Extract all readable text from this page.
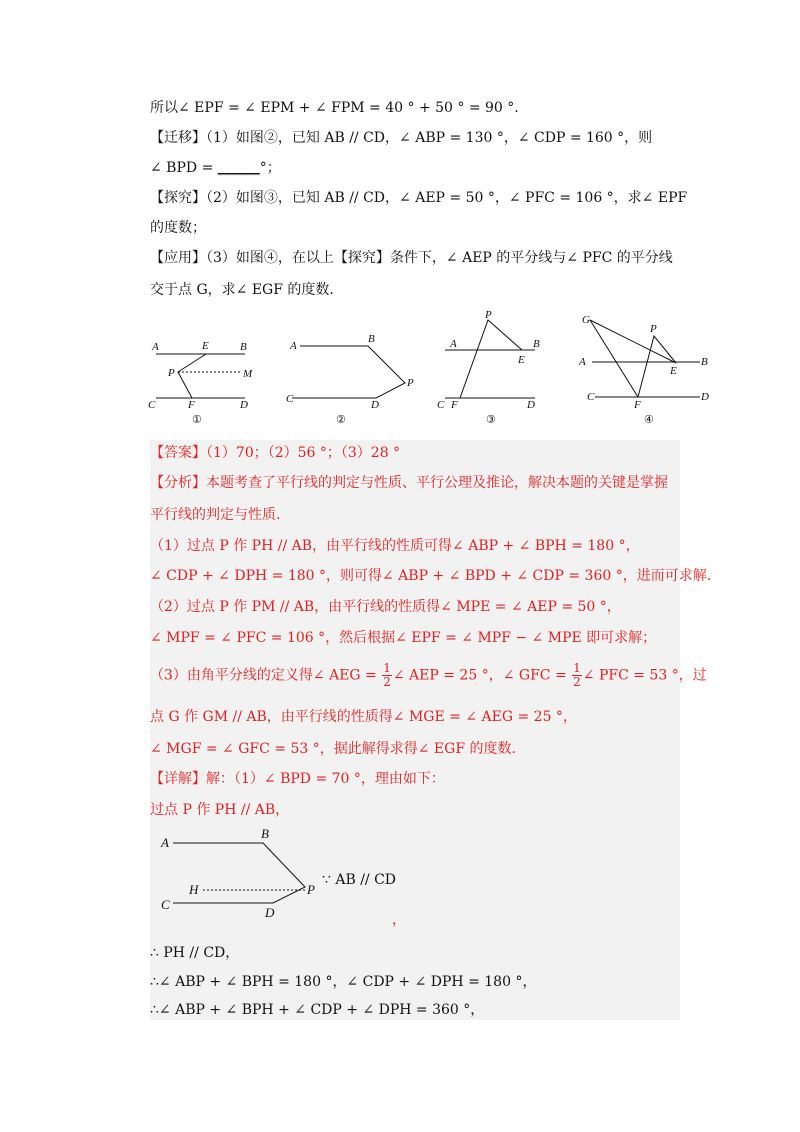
所以∠ EPF = ∠ EPM + ∠ FPM = 40 ° + 50 ° = 90 °.
【迁移】（1）如图②，已知 AB // CD，∠ ABP = 130 °，∠ CDP = 160 °，则
∠ BPD = ______°；
【探究】（2）如图③，已知 AB // CD，∠ AEP = 50 °，∠ PFC = 106 °，求∠ EPF
的度数；
【应用】（3）如图④，在以上【探究】条件下，∠ AEP 的平分线与∠ PFC 的平分线
交于点 G，求∠ EGF 的度数.
A	E	B
P	M
C	F	D
①
A
B
P
C	D
②
P
A	B
E
C F	D
③
G
P
A	B
E
C
F
D
④
【答案】（1）70；（2）56 °；（3）28 °
【分析】本题考查了平行线的判定与性质、平行公理及推论，解决本题的关键是掌握
平行线的判定与性质.
（1）过点 P 作 PH // AB，由平行线的性质可得∠ ABP + ∠ BPH = 180 °，
∠ CDP + ∠ DPH = 180 °，则可得∠ ABP + ∠ BPD + ∠ CDP = 360 °，进而可求解.
（2）过点 P 作 PM // AB，由平行线的性质得∠ MPE = ∠ AEP = 50 °，
∠ MPF = ∠ PFC = 106 °，然后根据∠ EPF = ∠ MPF − ∠ MPE 即可求解；
（3）由角平分线的定义得∠ AEG = $\frac{1}{2}$ ∠ AEP = 25 °，∠ GFC = $\frac{1}{2}$ ∠ PFC = 53 °，过
点 G 作 GM // AB，由平行线的性质得∠ MGE = ∠ AEG = 25 °，
∠ MGF = ∠ GFC = 53 °，据此解得求得∠ EGF 的度数.
【详解】解：（1）∠ BPD = 70 °，理由如下：
过点 P 作 PH // AB，
A
B
H	P
C
D
∵ AB // CD
，
∴ PH // CD，
∴∠ ABP + ∠ BPH = 180 °，∠ CDP + ∠ DPH = 180 °，
∴∠ ABP + ∠ BPH + ∠ CDP + ∠ DPH = 360 °，
